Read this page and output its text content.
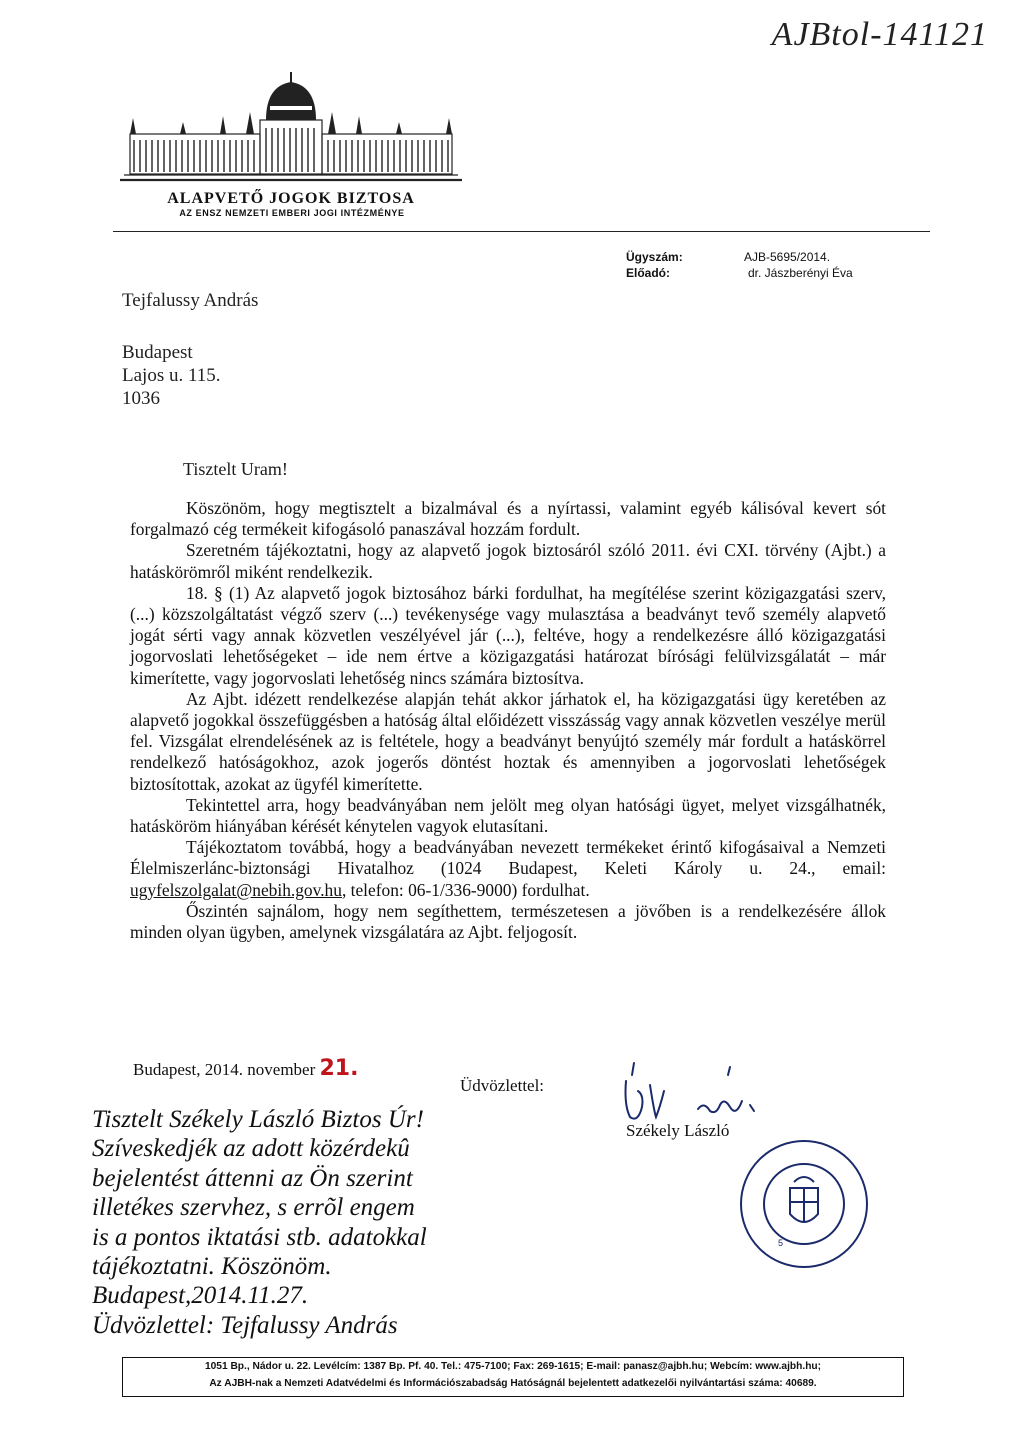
AJBtol-141121
ALAPVETŐ JOGOK BIZTOSA
AZ ENSZ NEMZETI EMBERI JOGI INTÉZMÉNYE
Ügyszám:	AJB-5695/2014.
Előadó:	dr. Jászberényi Éva
Tejfalussy András
Budapest
Lajos u. 115.
1036
Tisztelt Uram!

Köszönöm, hogy megtisztelt a bizalmával és a nyírtassi, valamint egyéb kálisóval kevert sót forgalmazó cég termékeit kifogásoló panaszával hozzám fordult.

Szeretném tájékoztatni, hogy az alapvető jogok biztosáról szóló 2011. évi CXI. törvény (Ajbt.) a hatáskörömről miként rendelkezik.

18. § (1) Az alapvető jogok biztosához bárki fordulhat, ha megítélése szerint közigazgatási szerv, (...) közszolgáltatást végző szerv (...) tevékenysége vagy mulasztása a beadványt tevő személy alapvető jogát sérti vagy annak közvetlen veszélyével jár (...), feltéve, hogy a rendelkezésre álló közigazgatási jogorvoslati lehetőségeket – ide nem értve a közigazgatási határozat bírósági felülvizsgálatát – már kimerítette, vagy jogorvoslati lehetőség nincs számára biztosítva.

Az Ajbt. idézett rendelkezése alapján tehát akkor járhatok el, ha közigazgatási ügy keretében az alapvető jogokkal összefüggésben a hatóság által előidézett visszásság vagy annak közvetlen veszélye merül fel. Vizsgálat elrendelésének az is feltétele, hogy a beadványt benyújtó személy már fordult a hatáskörrel rendelkező hatóságokhoz, azok jogerős döntést hoztak és amennyiben a jogorvoslati lehetőségek biztosítottak, azokat az ügyfél kimerítette.

Tekintettel arra, hogy beadványában nem jelölt meg olyan hatósági ügyet, melyet vizsgálhatnék, hatásköröm hiányában kérését kénytelen vagyok elutasítani.

Tájékoztatom továbbá, hogy a beadványában nevezett termékeket érintő kifogásaival a Nemzeti Élelmiszerlánc-biztonsági Hivatalhoz (1024 Budapest, Keleti Károly u. 24., email: ugyfelszolgalat@nebih.gov.hu, telefon: 06-1/336-9000) fordulhat.

Őszintén sajnálom, hogy nem segíthettem, természetesen a jövőben is a rendelkezésére állok minden olyan ügyben, amelynek vizsgálatára az Ajbt. feljogosít.

Budapest, 2014. november 21.
Üdvözlettel:
Székely László
5
Tisztelt Székely László Biztos Úr!
Szíveskedjék az adott közérdekû
bejelentést áttenni az Ön szerint
illetékes szervhez, s errõl engem
is a pontos iktatási stb. adatokkal
tájékoztatni. Köszönöm.
Budapest,2014.11.27.
Üdvözlettel: Tejfalussy András
1051 Bp., Nádor u. 22. Levélcím: 1387 Bp. Pf. 40. Tel.: 475-7100; Fax: 269-1615; E-mail: panasz@ajbh.hu; Webcím: www.ajbh.hu;
Az AJBH-nak a Nemzeti Adatvédelmi és Információszabadság Hatóságnál bejelentett adatkezelői nyilvántartási száma: 40689.
